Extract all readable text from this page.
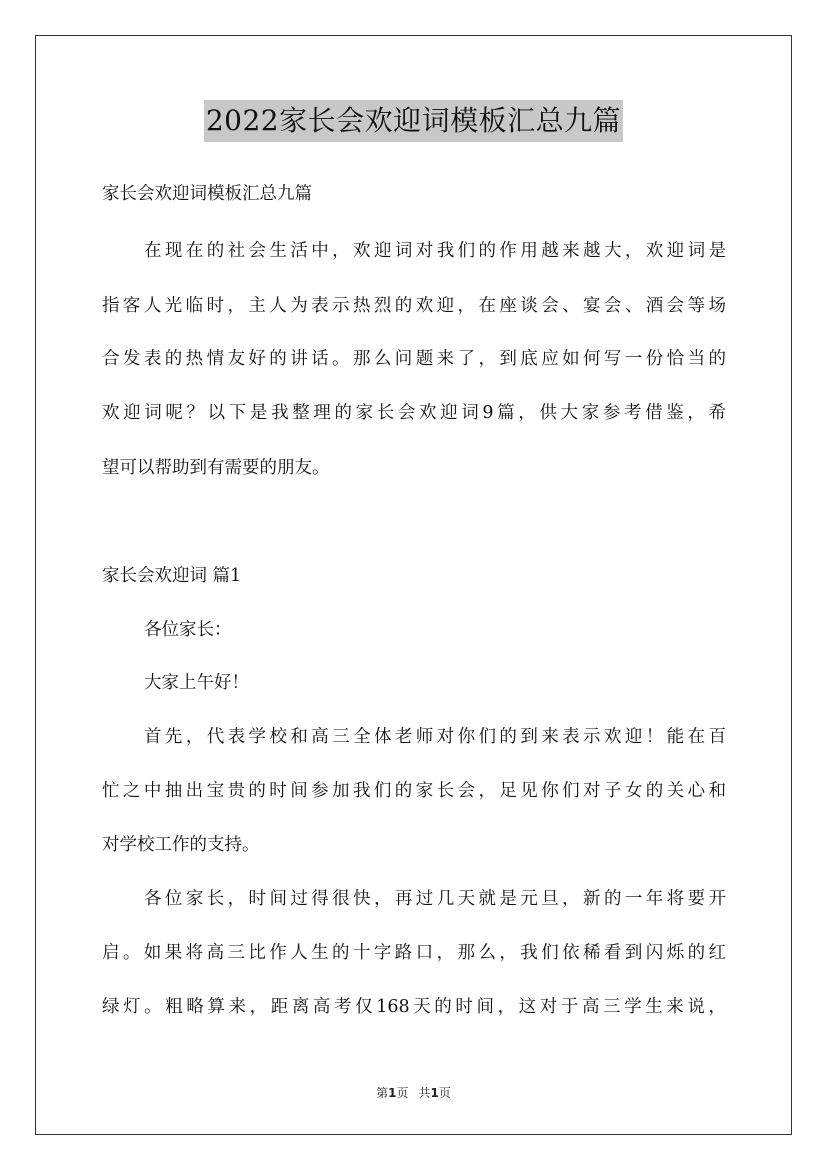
2022家长会欢迎词模板汇总九篇
家长会欢迎词模板汇总九篇
在现在的社会生活中，欢迎词对我们的作用越来越大，欢迎词是
指客人光临时，主人为表示热烈的欢迎，在座谈会、宴会、酒会等场
合发表的热情友好的讲话。那么问题来了，到底应如何写一份恰当的
欢迎词呢？以下是我整理的家长会欢迎词9篇，供大家参考借鉴，希
望可以帮助到有需要的朋友。
家长会欢迎词 篇1
各位家长：
大家上午好！
首先，代表学校和高三全体老师对你们的到来表示欢迎！能在百
忙之中抽出宝贵的时间参加我们的家长会，足见你们对子女的关心和
对学校工作的支持。
各位家长，时间过得很快，再过几天就是元旦，新的一年将要开
启。如果将高三比作人生的十字路口，那么，我们依稀看到闪烁的红
绿灯。粗略算来，距离高考仅168天的时间，这对于高三学生来说，
第1页 共1页
